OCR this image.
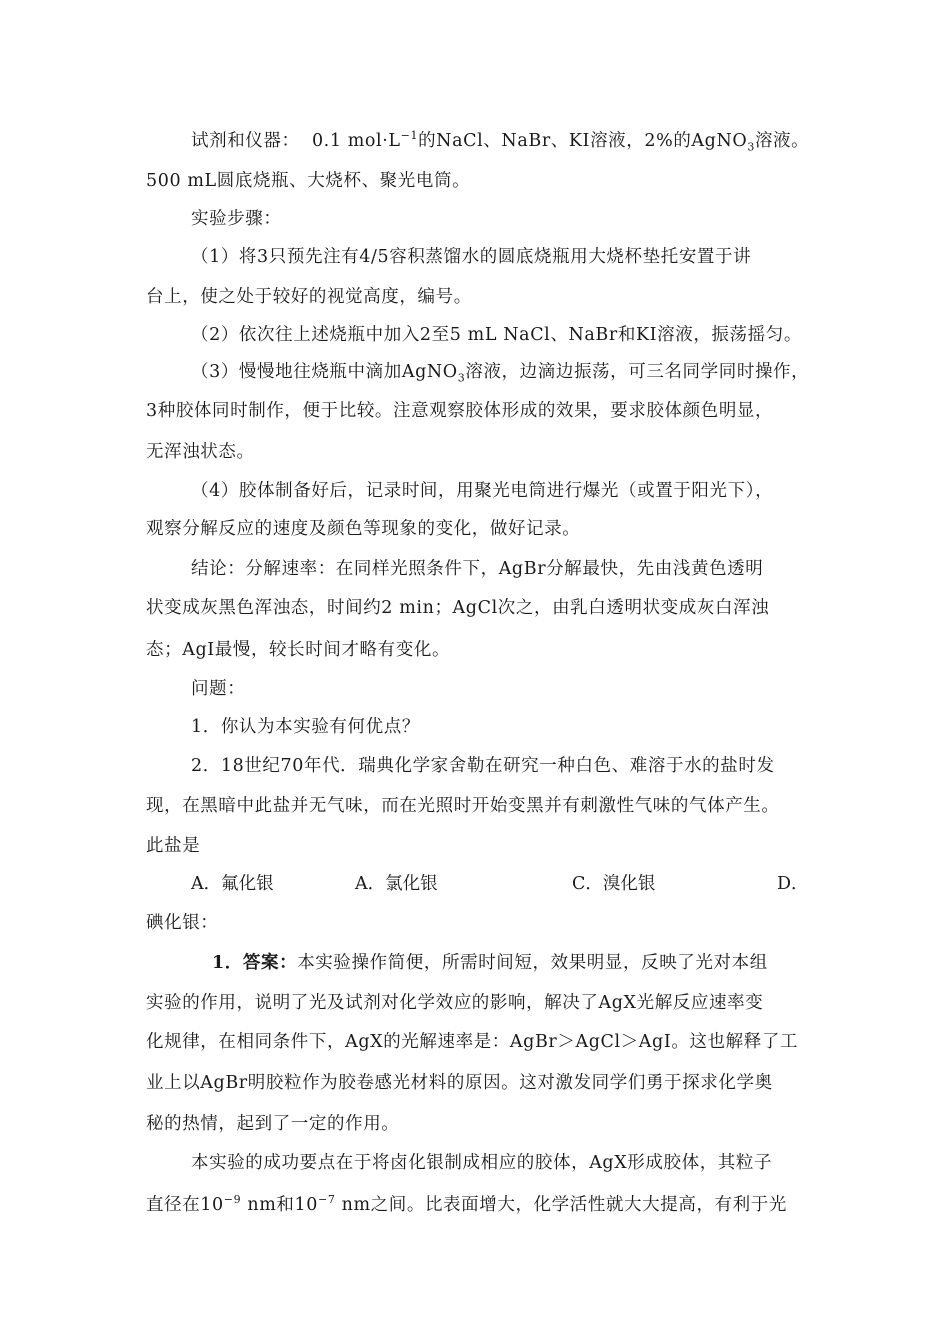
试剂和仪器： 0.1 $mol\cdot L^{-1}$的NaCl、NaBr、KI溶液，2%的AgNO$_3$溶液。
500 mL圆底烧瓶、大烧杯、聚光电筒。
实验步骤：
（1）将3只预先注有4/5容积蒸馏水的圆底烧瓶用大烧杯垫托安置于讲
台上，使之处于较好的视觉高度，编号。
（2）依次往上述烧瓶中加入2至5 mL NaCl、NaBr和KI溶液，振荡摇匀。
（3）慢慢地往烧瓶中滴加AgNO$_3$溶液，边滴边振荡，可三名同学同时操作，
3种胶体同时制作，便于比较。注意观察胶体形成的效果，要求胶体颜色明显，
无浑浊状态。
（4）胶体制备好后，记录时间，用聚光电筒进行爆光（或置于阳光下），
观察分解反应的速度及颜色等现象的变化，做好记录。
结论：分解速率：在同样光照条件下，AgBr分解最快，先由浅黄色透明
状变成灰黑色浑浊态，时间约2 min；AgCl次之，由乳白透明状变成灰白浑浊
态；AgI最慢，较长时间才略有变化。
问题：
1．你认为本实验有何优点？
2．18世纪70年代．瑞典化学家舍勒在研究一种白色、难溶于水的盐时发
现，在黑暗中此盐并无气味，而在光照时开始变黑并有刺激性气味的气体产生。
此盐是
A．氟化银	A．氯化银	C．溴化银	D．
碘化银：
1．答案：本实验操作简便，所需时间短，效果明显，反映了光对本组
实验的作用，说明了光及试剂对化学效应的影响，解决了AgX光解反应速率变
化规律，在相同条件下，AgX的光解速率是：AgBr＞AgCl＞AgI。这也解释了工
业上以AgBr明胶粒作为胶卷感光材料的原因。这对激发同学们勇于探求化学奥
秘的热情，起到了一定的作用。
本实验的成功要点在于将卤化银制成相应的胶体，AgX形成胶体，其粒子
直径在$10^{-9}$ nm和$10^{-7}$ nm之间。比表面增大，化学活性就大大提高，有利于光
